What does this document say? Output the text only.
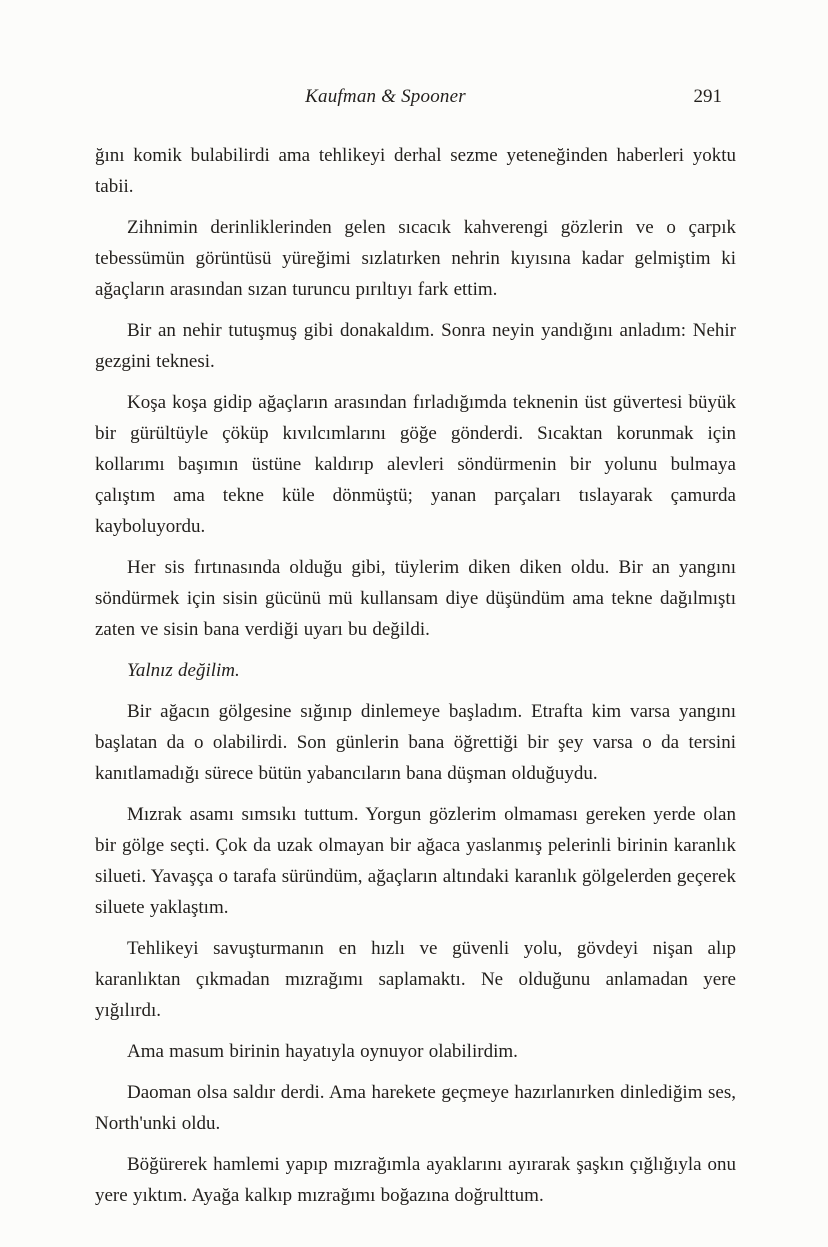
Kaufman & Spooner	291

ğını komik bulabilirdi ama tehlikeyi derhal sezme yeteneğinden haberleri yoktu tabii.

Zihnimin derinliklerinden gelen sıcacık kahverengi gözlerin ve o çarpık tebessümün görüntüsü yüreğimi sızlatırken nehrin kıyısına kadar gelmiştim ki ağaçların arasından sızan turuncu pırıltıyı fark ettim.

Bir an nehir tutuşmuş gibi donakaldım. Sonra neyin yandığını anladım: Nehir gezgini teknesi.

Koşa koşa gidip ağaçların arasından fırladığımda teknenin üst güvertesi büyük bir gürültüyle çöküp kıvılcımlarını göğe gönderdi. Sıcaktan korunmak için kollarımı başımın üstüne kaldırıp alevleri söndürmenin bir yolunu bulmaya çalıştım ama tekne küle dönmüştü; yanan parçaları tıslayarak çamurda kayboluyordu.

Her sis fırtınasında olduğu gibi, tüylerim diken diken oldu. Bir an yangını söndürmek için sisin gücünü mü kullansam diye düşündüm ama tekne dağılmıştı zaten ve sisin bana verdiği uyarı bu değildi.

Yalnız değilim.

Bir ağacın gölgesine sığınıp dinlemeye başladım. Etrafta kim varsa yangını başlatan da o olabilirdi. Son günlerin bana öğrettiği bir şey varsa o da tersini kanıtlamadığı sürece bütün yabancıların bana düşman olduğuydu.

Mızrak asamı sımsıkı tuttum. Yorgun gözlerim olmaması gereken yerde olan bir gölge seçti. Çok da uzak olmayan bir ağaca yaslanmış pelerinli birinin karanlık silueti. Yavaşça o tarafa süründüm, ağaçların altındaki karanlık gölgelerden geçerek siluete yaklaştım.

Tehlikeyi savuşturmanın en hızlı ve güvenli yolu, gövdeyi nişan alıp karanlıktan çıkmadan mızrağımı saplamaktı. Ne olduğunu anlamadan yere yığılırdı.

Ama masum birinin hayatıyla oynuyor olabilirdim.

Daoman olsa saldır derdi. Ama harekete geçmeye hazırlanırken dinlediğim ses, North'unki oldu.

Böğürerek hamlemi yapıp mızrağımla ayaklarını ayırarak şaşkın çığlığıyla onu yere yıktım. Ayağa kalkıp mızrağımı boğazına doğrulttum.
